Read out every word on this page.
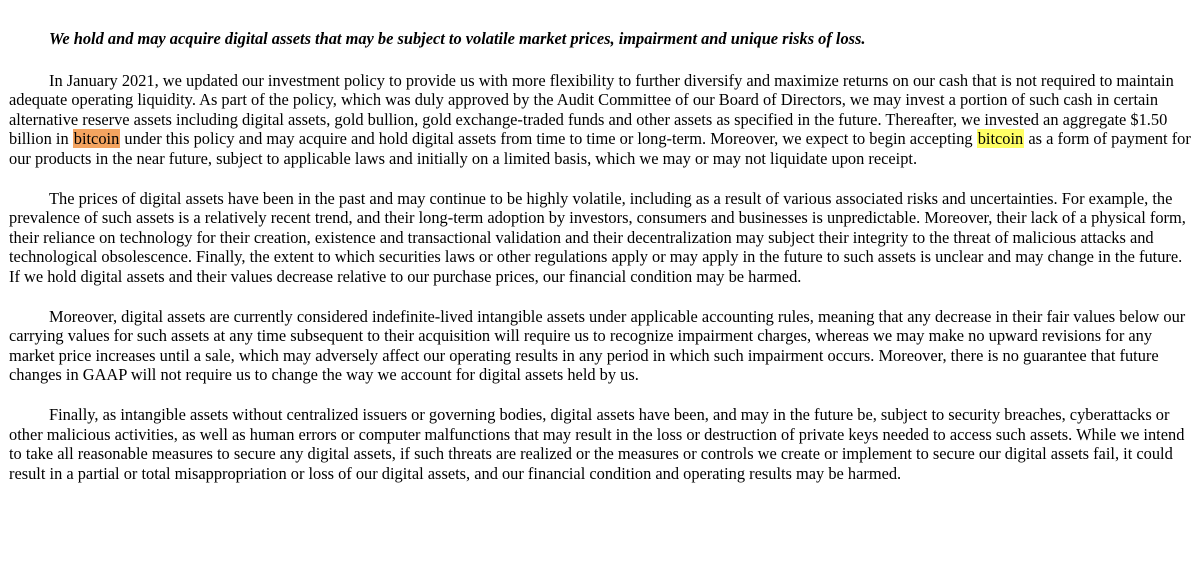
We hold and may acquire digital assets that may be subject to volatile market prices, impairment and unique risks of loss.

In January 2021, we updated our investment policy to provide us with more flexibility to further diversify and maximize returns on our cash that is not required to maintain adequate operating liquidity. As part of the policy, which was duly approved by the Audit Committee of our Board of Directors, we may invest a portion of such cash in certain alternative reserve assets including digital assets, gold bullion, gold exchange-traded funds and other assets as specified in the future. Thereafter, we invested an aggregate $1.50 billion in bitcoin under this policy and may acquire and hold digital assets from time to time or long-term. Moreover, we expect to begin accepting bitcoin as a form of payment for our products in the near future, subject to applicable laws and initially on a limited basis, which we may or may not liquidate upon receipt.

The prices of digital assets have been in the past and may continue to be highly volatile, including as a result of various associated risks and uncertainties. For example, the prevalence of such assets is a relatively recent trend, and their long-term adoption by investors, consumers and businesses is unpredictable. Moreover, their lack of a physical form, their reliance on technology for their creation, existence and transactional validation and their decentralization may subject their integrity to the threat of malicious attacks and technological obsolescence. Finally, the extent to which securities laws or other regulations apply or may apply in the future to such assets is unclear and may change in the future. If we hold digital assets and their values decrease relative to our purchase prices, our financial condition may be harmed.

Moreover, digital assets are currently considered indefinite-lived intangible assets under applicable accounting rules, meaning that any decrease in their fair values below our carrying values for such assets at any time subsequent to their acquisition will require us to recognize impairment charges, whereas we may make no upward revisions for any market price increases until a sale, which may adversely affect our operating results in any period in which such impairment occurs. Moreover, there is no guarantee that future changes in GAAP will not require us to change the way we account for digital assets held by us.

Finally, as intangible assets without centralized issuers or governing bodies, digital assets have been, and may in the future be, subject to security breaches, cyberattacks or other malicious activities, as well as human errors or computer malfunctions that may result in the loss or destruction of private keys needed to access such assets. While we intend to take all reasonable measures to secure any digital assets, if such threats are realized or the measures or controls we create or implement to secure our digital assets fail, it could result in a partial or total misappropriation or loss of our digital assets, and our financial condition and operating results may be harmed.
